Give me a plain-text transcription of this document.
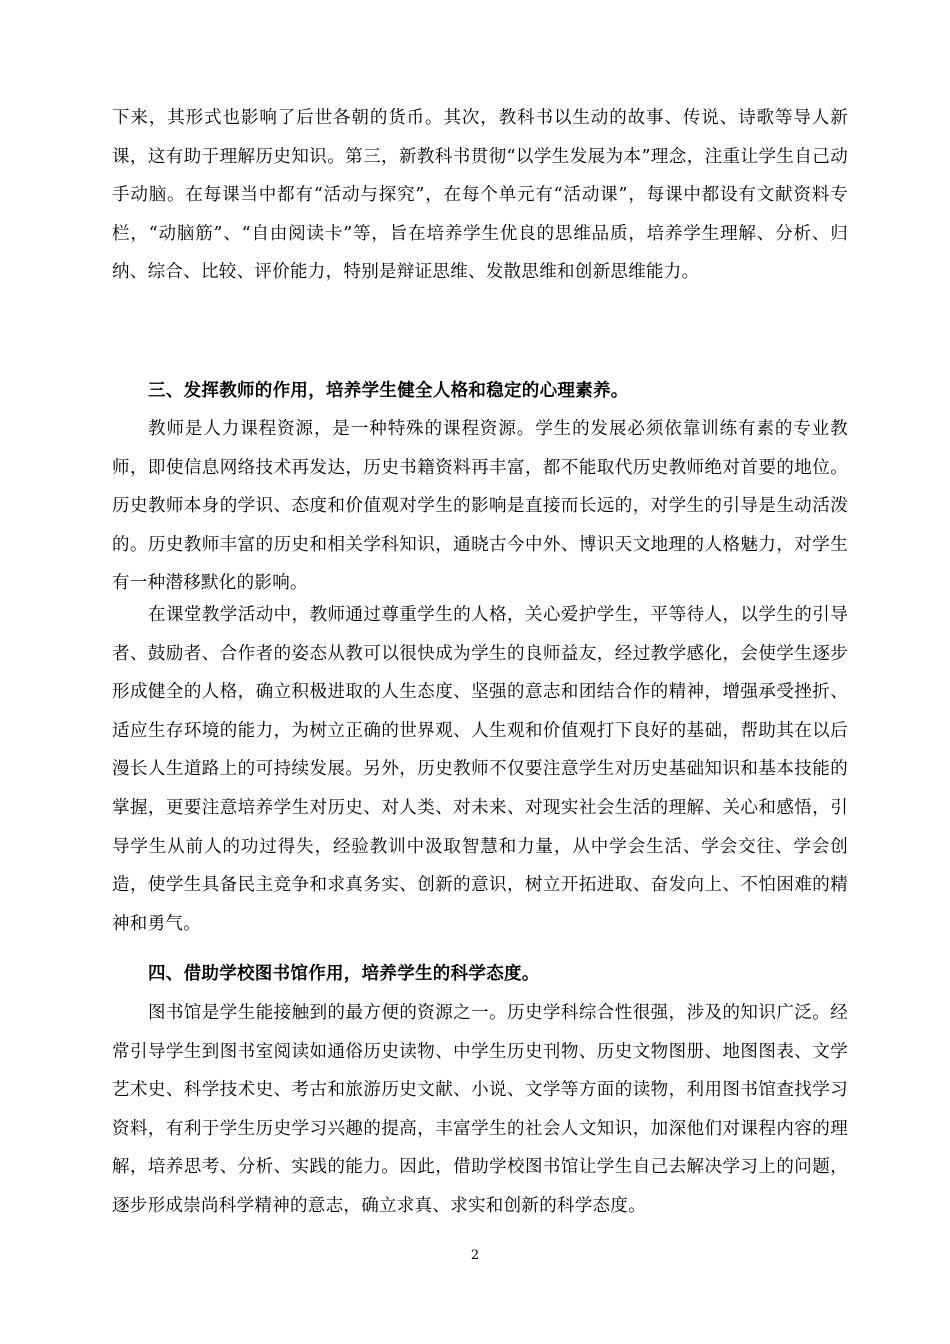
下来，其形式也影响了后世各朝的货币。其次，教科书以生动的故事、传说、诗歌等导人新课，这有助于理解历史知识。第三，新教科书贯彻“以学生发展为本”理念，注重让学生自己动手动脑。在每课当中都有“活动与探究”，在每个单元有“活动课”，每课中都设有文献资料专栏，“动脑筋”、“自由阅读卡”等，旨在培养学生优良的思维品质，培养学生理解、分析、归纳、综合、比较、评价能力，特别是辩证思维、发散思维和创新思维能力。

三、发挥教师的作用，培养学生健全人格和稳定的心理素养。

教师是人力课程资源，是一种特殊的课程资源。学生的发展必须依靠训练有素的专业教师，即使信息网络技术再发达，历史书籍资料再丰富，都不能取代历史教师绝对首要的地位。历史教师本身的学识、态度和价值观对学生的影响是直接而长远的，对学生的引导是生动活泼的。历史教师丰富的历史和相关学科知识，通晓古今中外、博识天文地理的人格魅力，对学生有一种潜移默化的影响。

在课堂教学活动中，教师通过尊重学生的人格，关心爱护学生，平等待人，以学生的引导者、鼓励者、合作者的姿态从教可以很快成为学生的良师益友，经过教学感化，会使学生逐步形成健全的人格，确立积极进取的人生态度、坚强的意志和团结合作的精神，增强承受挫折、适应生存环境的能力，为树立正确的世界观、人生观和价值观打下良好的基础，帮助其在以后漫长人生道路上的可持续发展。另外，历史教师不仅要注意学生对历史基础知识和基本技能的掌握，更要注意培养学生对历史、对人类、对未来、对现实社会生活的理解、关心和感悟，引导学生从前人的功过得失，经验教训中汲取智慧和力量，从中学会生活、学会交往、学会创造，使学生具备民主竞争和求真务实、创新的意识，树立开拓进取、奋发向上、不怕困难的精神和勇气。

四、借助学校图书馆作用，培养学生的科学态度。

图书馆是学生能接触到的最方便的资源之一。历史学科综合性很强，涉及的知识广泛。经常引导学生到图书室阅读如通俗历史读物、中学生历史刊物、历史文物图册、地图图表、文学艺术史、科学技术史、考古和旅游历史文献、小说、文学等方面的读物，利用图书馆查找学习资料，有利于学生历史学习兴趣的提高，丰富学生的社会人文知识，加深他们对课程内容的理解，培养思考、分析、实践的能力。因此，借助学校图书馆让学生自己去解决学习上的问题，逐步形成崇尚科学精神的意志，确立求真、求实和创新的科学态度。

2
